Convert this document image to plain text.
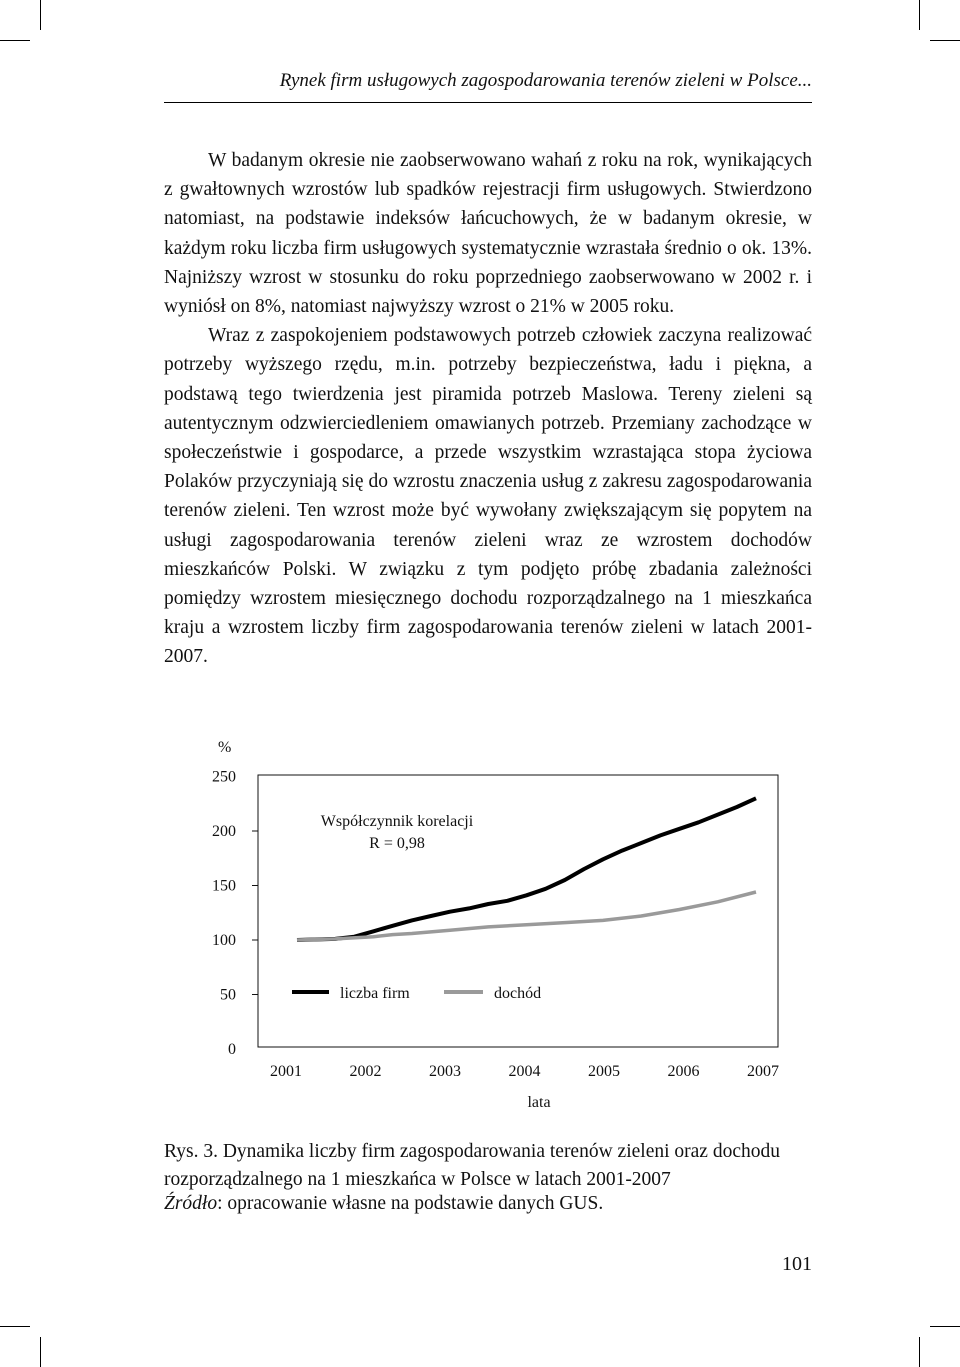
Rynek firm usługowych zagospodarowania terenów zieleni w Polsce...

W badanym okresie nie zaobserwowano wahań z roku na rok, wynikających z gwałtownych wzrostów lub spadków rejestracji firm usługowych. Stwierdzono natomiast, na podstawie indeksów łańcuchowych, że w badanym okresie, w każdym roku liczba firm usługowych systematycznie wzrastała średnio o ok. 13%. Najniższy wzrost w stosunku do roku poprzedniego zaobserwowano w 2002 r. i wyniósł on 8%, natomiast najwyższy wzrost o 21% w 2005 roku.

Wraz z zaspokojeniem podstawowych potrzeb człowiek zaczyna realizować potrzeby wyższego rzędu, m.in. potrzeby bezpieczeństwa, ładu i piękna, a podstawą tego twierdzenia jest piramida potrzeb Maslowa. Tereny zieleni są autentycznym odzwierciedleniem omawianych potrzeb. Przemiany zachodzące w społeczeństwie i gospodarce, a przede wszystkim wzrastająca stopa życiowa Polaków przyczyniają się do wzrostu znaczenia usług z zakresu zagospodarowania terenów zieleni. Ten wzrost może być wywołany zwiększającym się popytem na usługi zagospodarowania terenów zieleni wraz ze wzrostem dochodów mieszkańców Polski. W związku z tym podjęto próbę zbadania zależności pomiędzy wzrostem miesięcznego dochodu rozporządzalnego na 1 mieszkańca kraju a wzrostem liczby firm zagospodarowania terenów zieleni w latach 2001-2007.

250
200
150
100
50
0
2001	2002	2003	2004	2005	2006	2007
%
lata
Współczynnik korelacji
R = 0,98
liczba firm	dochód

Rys. 3. Dynamika liczby firm zagospodarowania terenów zieleni oraz dochodu rozporządzalnego na 1 mieszkańca w Polsce w latach 2001-2007

Źródło: opracowanie własne na podstawie danych GUS.
101
